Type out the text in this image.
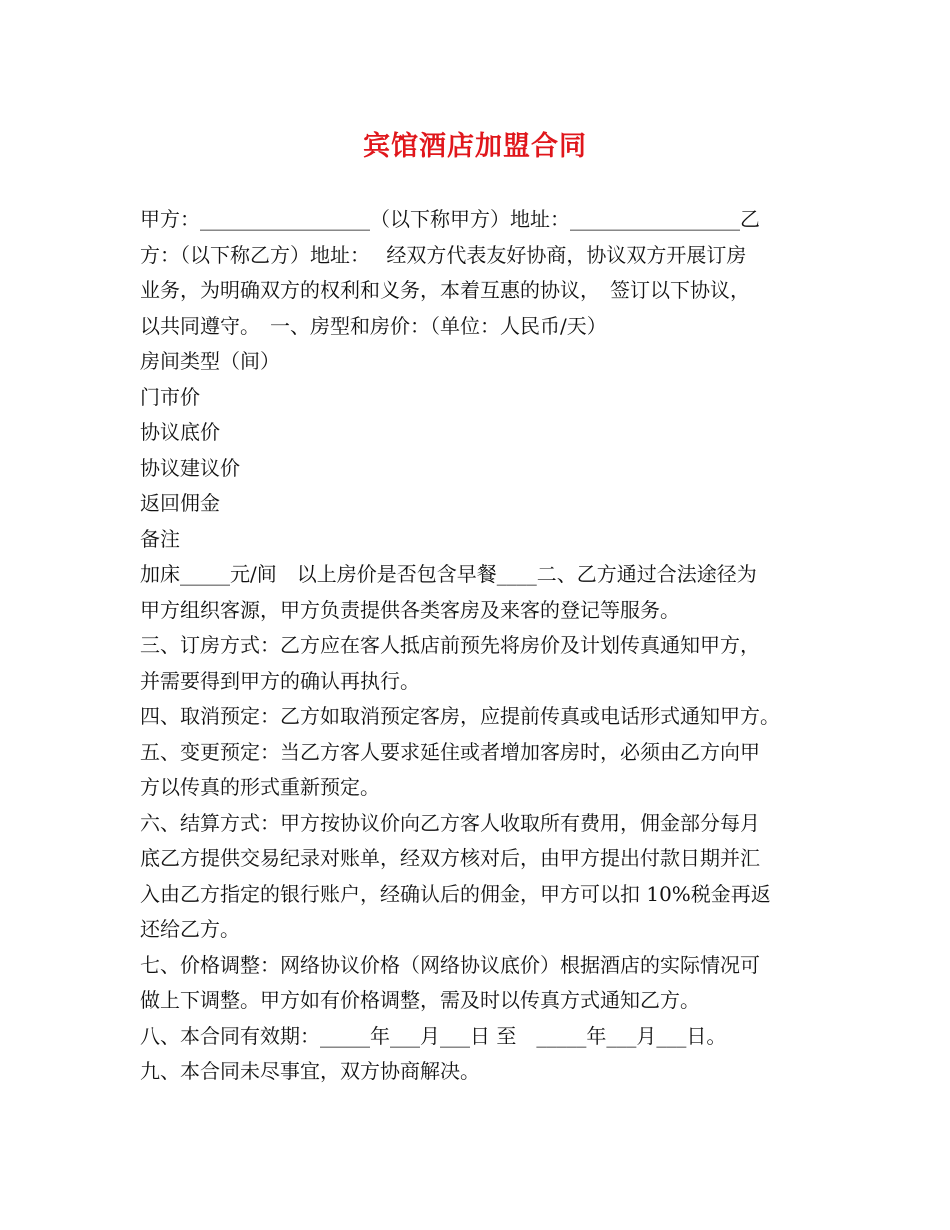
宾馆酒店加盟合同
甲方：_________________（以下称甲方）地址：_________________乙
方：（以下称乙方）地址：　 经双方代表友好协商，协议双方开展订房
业务，为明确双方的权利和义务，本着互惠的协议，　签订以下协议，
以共同遵守。　一、房型和房价：（单位：人民币/天）
房间类型（间）
门市价
协议底价
协议建议价
返回佣金
备注
加床_____元/间　以上房价是否包含早餐____二、乙方通过合法途径为
甲方组织客源，甲方负责提供各类客房及来客的登记等服务。
三、订房方式：乙方应在客人抵店前预先将房价及计划传真通知甲方，
并需要得到甲方的确认再执行。
四、取消预定：乙方如取消预定客房，应提前传真或电话形式通知甲方。
五、变更预定：当乙方客人要求延住或者增加客房时，必须由乙方向甲
方以传真的形式重新预定。
六、结算方式：甲方按协议价向乙方客人收取所有费用，佣金部分每月
底乙方提供交易纪录对账单，经双方核对后，由甲方提出付款日期并汇
入由乙方指定的银行账户，经确认后的佣金，甲方可以扣 10%税金再返
还给乙方。
七、价格调整：网络协议价格（网络协议底价）根据酒店的实际情况可
做上下调整。甲方如有价格调整，需及时以传真方式通知乙方。
八、本合同有效期：_____年___月___日 至　_____年___月___日。
九、本合同未尽事宜，双方协商解决。
